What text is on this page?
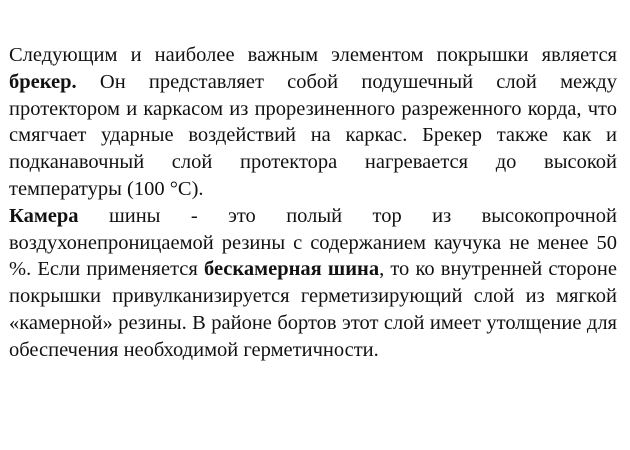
Следующим и наиболее важным элементом покрышки является брекер. Он представляет собой подушечный слой между протектором и каркасом из прорезиненного разреженного корда, что смягчает ударные воздействий на каркас. Брекер также как и подканавочный слой протектора нагревается до высокой температуры (100 °С).

Камера шины - это полый тор из высокопрочной воздухонепроницаемой резины с содержанием каучука не менее 50 %. Если применяется бескамерная шина, то ко внутренней стороне покрышки привулканизируется герметизирующий слой из мягкой «камерной» резины. В районе бортов этот слой имеет утолщение для обеспечения необходимой герметичности.
